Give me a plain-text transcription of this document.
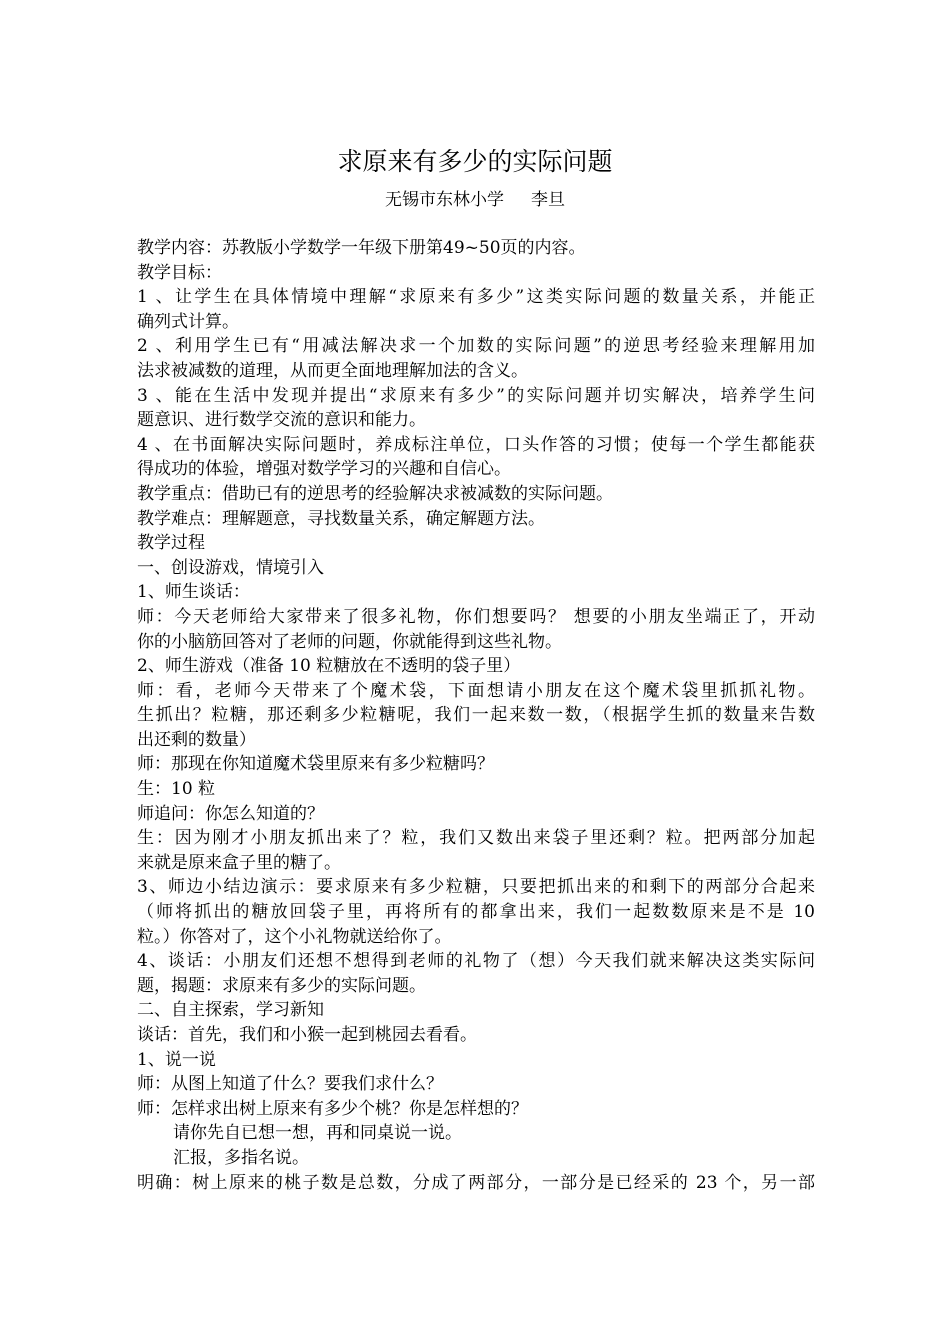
求原来有多少的实际问题
无锡市东林小学     李旦
教学内容：苏教版小学数学一年级下册第49~50页的内容。
教学目标：
1 、让学生在具体情境中理解“求原来有多少”这类实际问题的数量关系，并能正
确列式计算。
2 、利用学生已有“用减法解决求一个加数的实际问题”的逆思考经验来理解用加
法求被减数的道理，从而更全面地理解加法的含义。
3 、能在生活中发现并提出“求原来有多少”的实际问题并切实解决，培养学生问
题意识、进行数学交流的意识和能力。
4 、在书面解决实际问题时，养成标注单位，口头作答的习惯；使每一个学生都能获
得成功的体验，增强对数学学习的兴趣和自信心。
教学重点：借助已有的逆思考的经验解决求被减数的实际问题。
教学难点：理解题意，寻找数量关系，确定解题方法。
教学过程
一、创设游戏，情境引入
1、师生谈话：
师：今天老师给大家带来了很多礼物，你们想要吗？ 想要的小朋友坐端正了，开动
你的小脑筋回答对了老师的问题，你就能得到这些礼物。
2、师生游戏（准备 10 粒糖放在不透明的袋子里）
师：看，老师今天带来了个魔术袋，下面想请小朋友在这个魔术袋里抓抓礼物。
生抓出？粒糖，那还剩多少粒糖呢，我们一起来数一数，（根据学生抓的数量来告数
出还剩的数量）
师：那现在你知道魔术袋里原来有多少粒糖吗？
生：10 粒
师追问：你怎么知道的？
生：因为刚才小朋友抓出来了？粒，我们又数出来袋子里还剩？粒。把两部分加起
来就是原来盒子里的糖了。
3、师边小结边演示：要求原来有多少粒糖，只要把抓出来的和剩下的两部分合起来
（师将抓出的糖放回袋子里，再将所有的都拿出来，我们一起数数原来是不是 10
粒。）你答对了，这个小礼物就送给你了。
4、谈话：小朋友们还想不想得到老师的礼物了（想）今天我们就来解决这类实际问
题，揭题：求原来有多少的实际问题。
二、自主探索，学习新知
谈话：首先，我们和小猴一起到桃园去看看。
1、说一说
师：从图上知道了什么？要我们求什么？
师：怎样求出树上原来有多少个桃？你是怎样想的？
请你先自已想一想，再和同桌说一说。
汇报，多指名说。
明确：树上原来的桃子数是总数，分成了两部分，一部分是已经采的 23 个，另一部
